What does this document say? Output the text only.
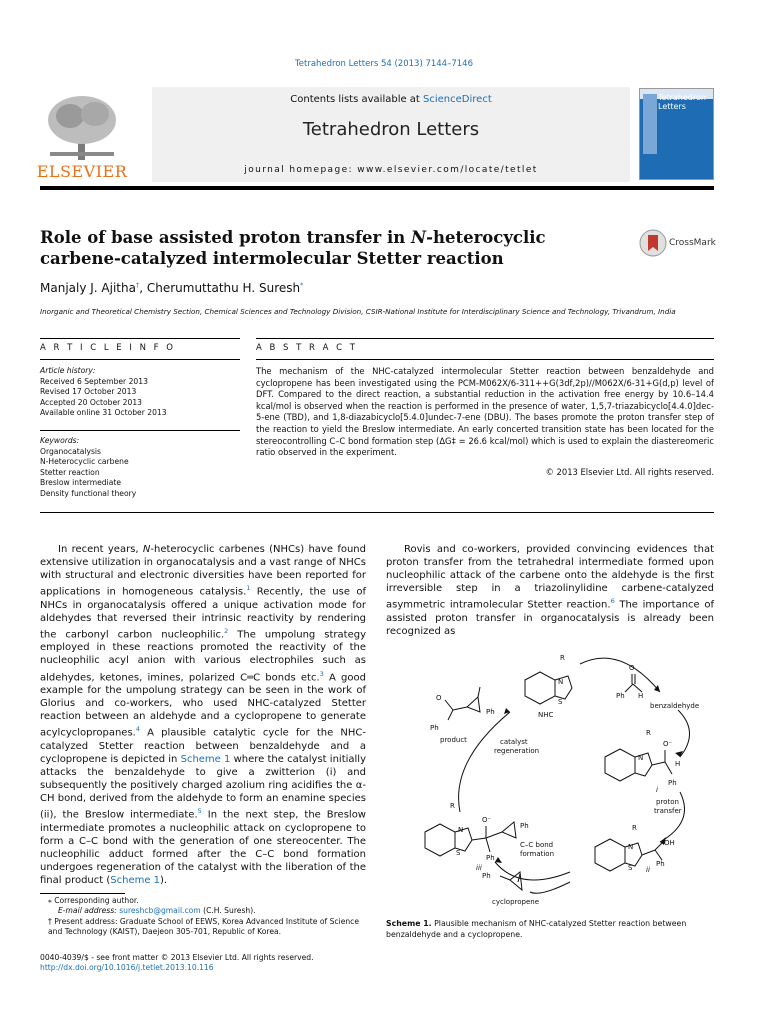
Tetrahedron Letters 54 (2013) 7144–7146
ELSEVIER
Contents lists available at ScienceDirect
Tetrahedron Letters
journal homepage: www.elsevier.com/locate/tetlet
Tetrahedron
Letters
Role of base assisted proton transfer in N-heterocyclic carbene-catalyzed intermolecular Stetter reaction
CrossMark
Manjaly J. Ajitha†, Cherumuttathu H. Suresh*
Inorganic and Theoretical Chemistry Section, Chemical Sciences and Technology Division, CSIR-National Institute for Interdisciplinary Science and Technology, Trivandrum, India
A R T I C L E I N F O
Article history:
Received 6 September 2013
Revised 17 October 2013
Accepted 20 October 2013
Available online 31 October 2013
Keywords:
Organocatalysis
N-Heterocyclic carbene
Stetter reaction
Breslow intermediate
Density functional theory
A B S T R A C T
The mechanism of the NHC-catalyzed intermolecular Stetter reaction between benzaldehyde and cyclopropene has been investigated using the PCM-M062X/6-311++G(3df,2p)//M062X/6-31+G(d,p) level of DFT. Compared to the direct reaction, a substantial reduction in the activation free energy by 10.6–14.4 kcal/mol is observed when the reaction is performed in the presence of water, 1,5,7-triazabicyclo[4.4.0]dec-5-ene (TBD), and 1,8-diazabicyclo[5.4.0]undec-7-ene (DBU). The bases promote the proton transfer step of the reaction to yield the Breslow intermediate. An early concerted transition state has been located for the stereocontrolling C–C bond formation step (ΔG‡ = 26.6 kcal/mol) which is used to explain the diastereomeric ratio observed in the experiment.
© 2013 Elsevier Ltd. All rights reserved.
In recent years, N-heterocyclic carbenes (NHCs) have found extensive utilization in organocatalysis and a vast range of NHCs with structural and electronic diversities have been reported for applications in homogeneous catalysis.$^1$ Recently, the use of NHCs in organocatalysis offered a unique activation mode for aldehydes that reversed their intrinsic reactivity by rendering the carbonyl carbon nucleophilic.$^2$ The umpolung strategy employed in these reactions promoted the reactivity of the nucleophilic acyl anion with various electrophiles such as aldehydes, ketones, imines, polarized C═C bonds etc.$^3$ A good example for the umpolung strategy can be seen in the work of Glorius and co-workers, who used NHC-catalyzed Stetter reaction between an aldehyde and a cyclopropene to generate acylcyclopropanes.$^4$ A plausible catalytic cycle for the NHC-catalyzed Stetter reaction between benzaldehyde and a cyclopropene is depicted in Scheme 1 where the catalyst initially attacks the benzaldehyde to give a zwitterion (i) and subsequently the positively charged azolium ring acidifies the α-CH bond, derived from the aldehyde to form an enamine species (ii), the Breslow intermediate.$^5$ In the next step, the Breslow intermediate promotes a nucleophilic attack on cyclopropene to form a C–C bond with the generation of one stereocenter. The nucleophilic adduct formed after the C–C bond formation undergoes regeneration of the catalyst with the liberation of the final product (Scheme 1).
Rovis and co-workers, provided convincing evidences that proton transfer from the tetrahedral intermediate formed upon nucleophilic attack of the carbene onto the aldehyde is the first irreversible step in a triazolinylidine carbene-catalyzed asymmetric intramolecular Stetter reaction.$^6$ The importance of assisted proton transfer in organocatalysis is already been recognized as
R
N
S
NHC
O
Ph H
benzaldehyde
O
Ph
Ph
product	catalyst
regeneration
R
N
O⁻
H
Ph
i
proton
transfer
R
N	OH
Ph
S ii
C–C bond
formation
R
N
S
O⁻
Ph
Ph
iii
Ph
cyclopropene
Scheme 1. Plausible mechanism of NHC-catalyzed Stetter reaction between benzaldehyde and a cyclopropene.
⁎ Corresponding author.
E-mail address: sureshcb@gmail.com (C.H. Suresh).
† Present address: Graduate School of EEWS, Korea Advanced Institute of Science and Technology (KAIST), Daejeon 305-701, Republic of Korea.
0040-4039/$ - see front matter © 2013 Elsevier Ltd. All rights reserved.
http://dx.doi.org/10.1016/j.tetlet.2013.10.116
